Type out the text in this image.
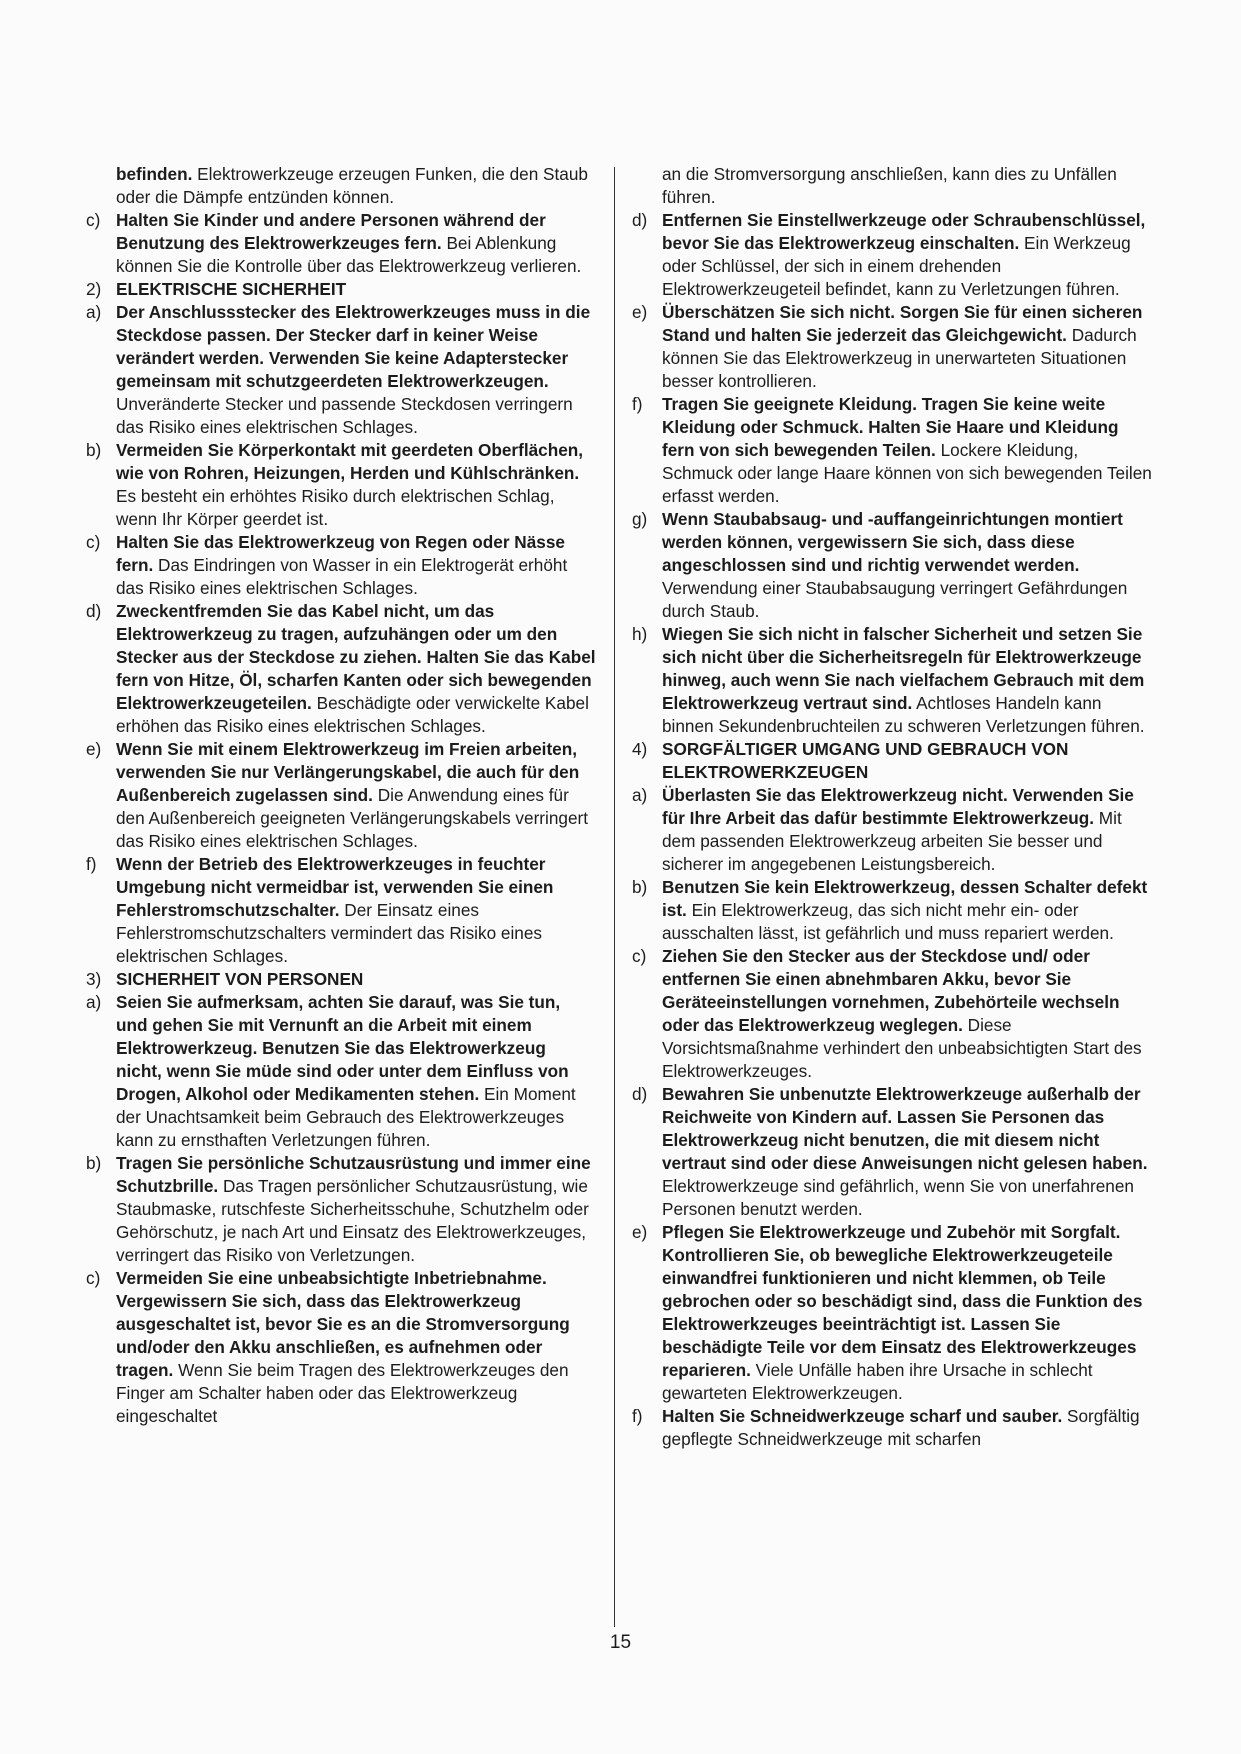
befinden. Elektrowerkzeuge erzeugen Funken, die den Staub oder die Dämpfe entzünden können.
c) Halten Sie Kinder und andere Personen während der Benutzung des Elektrowerkzeuges fern. Bei Ablenkung können Sie die Kontrolle über das Elektrowerkzeug verlieren.
2) ELEKTRISCHE SICHERHEIT
a) Der Anschlussstecker des Elektrowerkzeuges muss in die Steckdose passen. Der Stecker darf in keiner Weise verändert werden. Verwenden Sie keine Adapterstecker gemeinsam mit schutzgeerdeten Elektrowerkzeugen. Unveränderte Stecker und passende Steckdosen verringern das Risiko eines elektrischen Schlages.
b) Vermeiden Sie Körperkontakt mit geerdeten Oberflächen, wie von Rohren, Heizungen, Herden und Kühlschränken. Es besteht ein erhöhtes Risiko durch elektrischen Schlag, wenn Ihr Körper geerdet ist.
c) Halten Sie das Elektrowerkzeug von Regen oder Nässe fern. Das Eindringen von Wasser in ein Elektrogerät erhöht das Risiko eines elektrischen Schlages.
d) Zweckentfremden Sie das Kabel nicht, um das Elektrowerkzeug zu tragen, aufzuhängen oder um den Stecker aus der Steckdose zu ziehen. Halten Sie das Kabel fern von Hitze, Öl, scharfen Kanten oder sich bewegenden Elektrowerkzeugeteilen. Beschädigte oder verwickelte Kabel erhöhen das Risiko eines elektrischen Schlages.
e) Wenn Sie mit einem Elektrowerkzeug im Freien arbeiten, verwenden Sie nur Verlängerungskabel, die auch für den Außenbereich zugelassen sind. Die Anwendung eines für den Außenbereich geeigneten Verlängerungskabels verringert das Risiko eines elektrischen Schlages.
f) Wenn der Betrieb des Elektrowerkzeuges in feuchter Umgebung nicht vermeidbar ist, verwenden Sie einen Fehlerstromschutzschalter. Der Einsatz eines Fehlerstromschutzschalters vermindert das Risiko eines elektrischen Schlages.
3) SICHERHEIT VON PERSONEN
a) Seien Sie aufmerksam, achten Sie darauf, was Sie tun, und gehen Sie mit Vernunft an die Arbeit mit einem Elektrowerkzeug. Benutzen Sie das Elektrowerkzeug nicht, wenn Sie müde sind oder unter dem Einfluss von Drogen, Alkohol oder Medikamenten stehen. Ein Moment der Unachtsamkeit beim Gebrauch des Elektrowerkzeuges kann zu ernsthaften Verletzungen führen.
b) Tragen Sie persönliche Schutzausrüstung und immer eine Schutzbrille. Das Tragen persönlicher Schutzausrüstung, wie Staubmaske, rutschfeste Sicherheitsschuhe, Schutzhelm oder Gehörschutz, je nach Art und Einsatz des Elektrowerkzeuges, verringert das Risiko von Verletzungen.
c) Vermeiden Sie eine unbeabsichtigte Inbetriebnahme. Vergewissern Sie sich, dass das Elektrowerkzeug ausgeschaltet ist, bevor Sie es an die Stromversorgung und/oder den Akku anschließen, es aufnehmen oder tragen. Wenn Sie beim Tragen des Elektrowerkzeuges den Finger am Schalter haben oder das Elektrowerkzeug eingeschaltet
an die Stromversorgung anschließen, kann dies zu Unfällen führen.
d) Entfernen Sie Einstellwerkzeuge oder Schraubenschlüssel, bevor Sie das Elektrowerkzeug einschalten. Ein Werkzeug oder Schlüssel, der sich in einem drehenden Elektrowerkzeugeteil befindet, kann zu Verletzungen führen.
e) Überschätzen Sie sich nicht. Sorgen Sie für einen sicheren Stand und halten Sie jederzeit das Gleichgewicht. Dadurch können Sie das Elektrowerkzeug in unerwarteten Situationen besser kontrollieren.
f) Tragen Sie geeignete Kleidung. Tragen Sie keine weite Kleidung oder Schmuck. Halten Sie Haare und Kleidung fern von sich bewegenden Teilen. Lockere Kleidung, Schmuck oder lange Haare können von sich bewegenden Teilen erfasst werden.
g) Wenn Staubabsaug- und -auffangeinrichtungen montiert werden können, vergewissern Sie sich, dass diese angeschlossen sind und richtig verwendet werden. Verwendung einer Staubabsaugung verringert Gefährdungen durch Staub.
h) Wiegen Sie sich nicht in falscher Sicherheit und setzen Sie sich nicht über die Sicherheitsregeln für Elektrowerkzeuge hinweg, auch wenn Sie nach vielfachem Gebrauch mit dem Elektrowerkzeug vertraut sind. Achtloses Handeln kann binnen Sekundenbruchteilen zu schweren Verletzungen führen.
4) SORGFÄLTIGER UMGANG UND GEBRAUCH VON ELEKTROWERKZEUGEN
a) Überlasten Sie das Elektrowerkzeug nicht. Verwenden Sie für Ihre Arbeit das dafür bestimmte Elektrowerkzeug. Mit dem passenden Elektrowerkzeug arbeiten Sie besser und sicherer im angegebenen Leistungsbereich.
b) Benutzen Sie kein Elektrowerkzeug, dessen Schalter defekt ist. Ein Elektrowerkzeug, das sich nicht mehr ein- oder ausschalten lässt, ist gefährlich und muss repariert werden.
c) Ziehen Sie den Stecker aus der Steckdose und/ oder entfernen Sie einen abnehmbaren Akku, bevor Sie Geräteeinstellungen vornehmen, Zubehörteile wechseln oder das Elektrowerkzeug weglegen. Diese Vorsichtsmaßnahme verhindert den unbeabsichtigten Start des Elektrowerkzeuges.
d) Bewahren Sie unbenutzte Elektrowerkzeuge außerhalb der Reichweite von Kindern auf. Lassen Sie Personen das Elektrowerkzeug nicht benutzen, die mit diesem nicht vertraut sind oder diese Anweisungen nicht gelesen haben. Elektrowerkzeuge sind gefährlich, wenn Sie von unerfahrenen Personen benutzt werden.
e) Pflegen Sie Elektrowerkzeuge und Zubehör mit Sorgfalt. Kontrollieren Sie, ob bewegliche Elektrowerkzeugeteile einwandfrei funktionieren und nicht klemmen, ob Teile gebrochen oder so beschädigt sind, dass die Funktion des Elektrowerkzeuges beeinträchtigt ist. Lassen Sie beschädigte Teile vor dem Einsatz des Elektrowerkzeuges reparieren. Viele Unfälle haben ihre Ursache in schlecht gewarteten Elektrowerkzeugen.
f) Halten Sie Schneidwerkzeuge scharf und sauber. Sorgfältig gepflegte Schneidwerkzeuge mit scharfen
15
